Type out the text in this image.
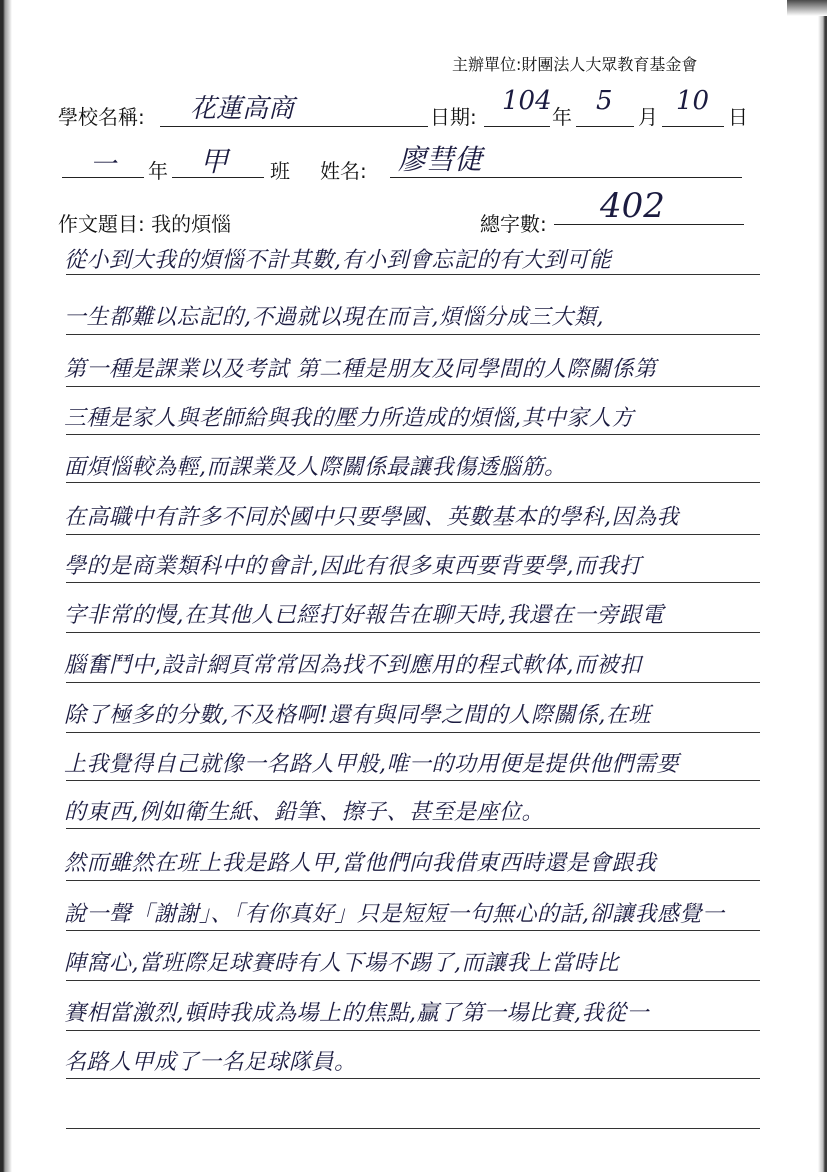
主辦單位:財團法人大眾教育基金會
學校名稱: 花蓮高商	日期:
104
年
5
月
10
日
一 年 甲 班 姓名: 廖彗倢
作文題目: 我的煩惱	總字數: 402
從小到大我的煩惱不計其數,有小到會忘記的有大到可能
一生都難以忘記的,不過就以現在而言,煩惱分成三大類,
第一種是課業以及考試 第二種是朋友及同學間的人際關係第
三種是家人與老師給與我的壓力所造成的煩惱,其中家人方
面煩惱較為輕,而課業及人際關係最讓我傷透腦筋。
在高職中有許多不同於國中只要學國、英數基本的學科,因為我
學的是商業類科中的會計,因此有很多東西要背要學,而我打
字非常的慢,在其他人已經打好報告在聊天時,我還在一旁跟電
腦奮鬥中,設計網頁常常因為找不到應用的程式軟体,而被扣
除了極多的分數,不及格啊!還有與同學之間的人際關係,在班
上我覺得自己就像一名路人甲般,唯一的功用便是提供他們需要
的東西,例如衛生紙、鉛筆、擦子、甚至是座位。
然而雖然在班上我是路人甲,當他們向我借東西時還是會跟我
說一聲「謝謝」、「有你真好」只是短短一句無心的話,卻讓我感覺一
陣窩心,當班際足球賽時有人下場不踢了,而讓我上當時比
賽相當激烈,頓時我成為場上的焦點,贏了第一場比賽,我從一
名路人甲成了一名足球隊員。
